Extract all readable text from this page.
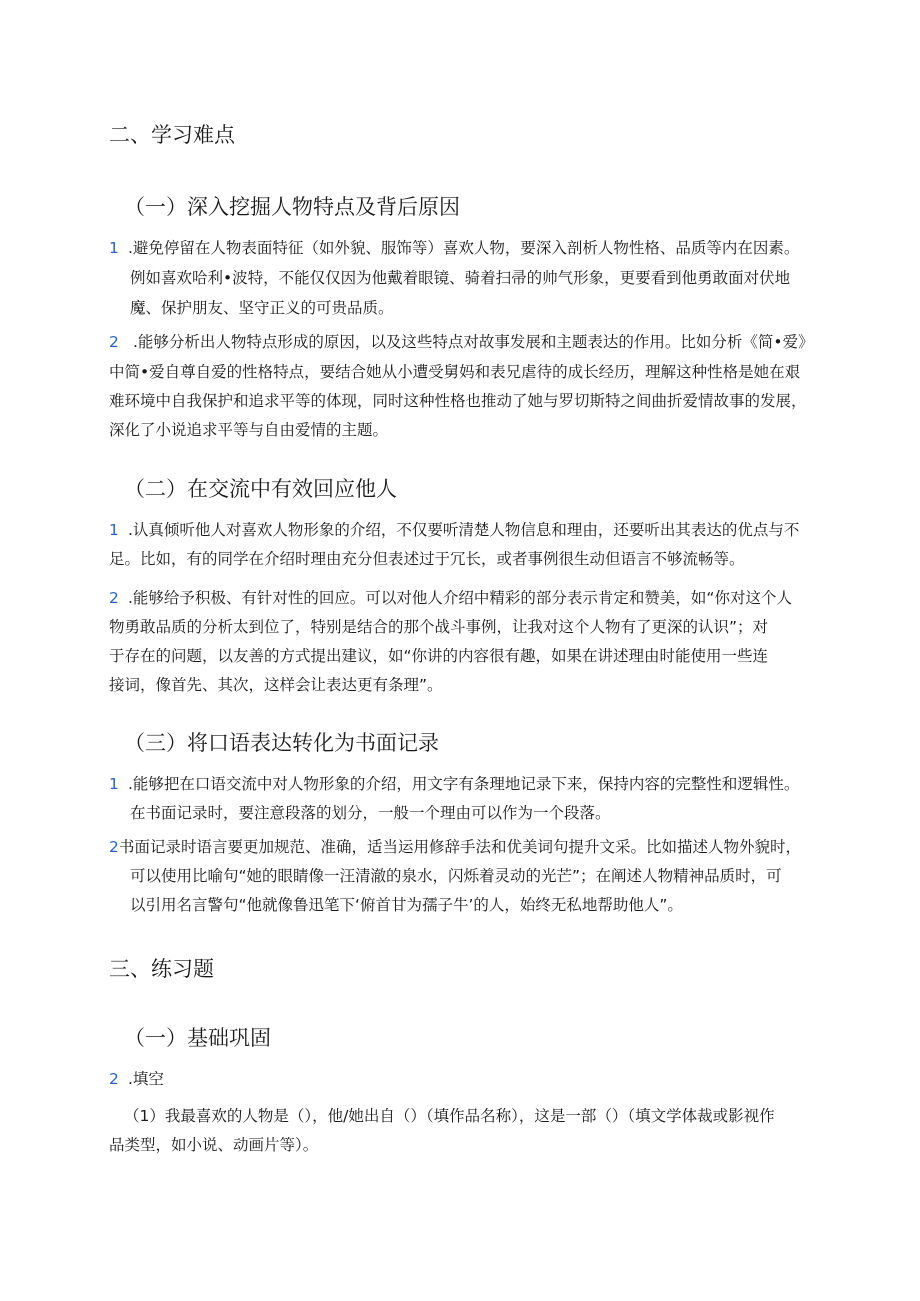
二、学习难点
（一）深入挖掘人物特点及背后原因
1 .避免停留在人物表面特征（如外貌、服饰等）喜欢人物，要深入剖析人物性格、品质等内在因素。
例如喜欢哈利•波特，不能仅仅因为他戴着眼镜、骑着扫帚的帅气形象，更要看到他勇敢面对伏地
魔、保护朋友、坚守正义的可贵品质。
2 .能够分析出人物特点形成的原因，以及这些特点对故事发展和主题表达的作用。比如分析《简•爱》
中简•爱自尊自爱的性格特点，要结合她从小遭受舅妈和表兄虐待的成长经历，理解这种性格是她在艰
难环境中自我保护和追求平等的体现，同时这种性格也推动了她与罗切斯特之间曲折爱情故事的发展，
深化了小说追求平等与自由爱情的主题。
（二）在交流中有效回应他人
1 .认真倾听他人对喜欢人物形象的介绍，不仅要听清楚人物信息和理由，还要听出其表达的优点与不
足。比如，有的同学在介绍时理由充分但表述过于冗长，或者事例很生动但语言不够流畅等。
2 .能够给予积极、有针对性的回应。可以对他人介绍中精彩的部分表示肯定和赞美，如“你对这个人
物勇敢品质的分析太到位了，特别是结合的那个战斗事例，让我对这个人物有了更深的认识”；对
于存在的问题，以友善的方式提出建议，如“你讲的内容很有趣，如果在讲述理由时能使用一些连
接词，像首先、其次，这样会让表达更有条理”。
（三）将口语表达转化为书面记录
1 .能够把在口语交流中对人物形象的介绍，用文字有条理地记录下来，保持内容的完整性和逻辑性。
在书面记录时，要注意段落的划分，一般一个理由可以作为一个段落。
2 书面记录时语言要更加规范、准确，适当运用修辞手法和优美词句提升文采。比如描述人物外貌时，
可以使用比喻句“她的眼睛像一汪清澈的泉水，闪烁着灵动的光芒”；在阐述人物精神品质时，可
以引用名言警句“他就像鲁迅笔下‘俯首甘为孺子牛’的人，始终无私地帮助他人”。
三、练习题
（一）基础巩固
2 .填空
（1）我最喜欢的人物是（），他/她出自（）（填作品名称），这是一部（）（填文学体裁或影视作
品类型，如小说、动画片等）。
